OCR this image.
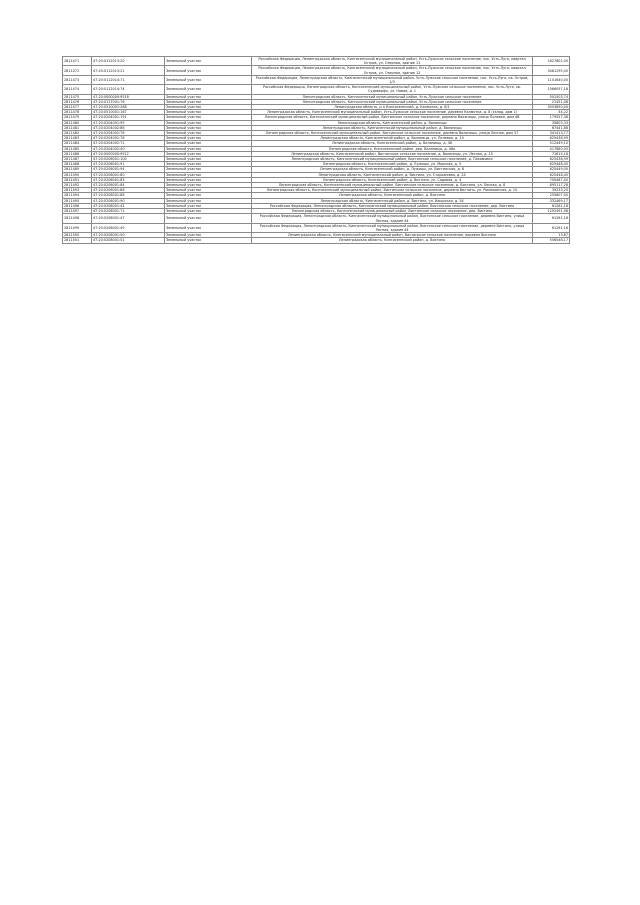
2811471	47:20:0112013:20	Земельный участок	Российская Федерация, Ленинградская область, Кингисеппский муниципальный район, Усть-Лужское сельское поселение, пос. Усть-Луга, квартал Остров, ул. Озерная, здание 11	1827801,00
2811472	47:20:0112013:21	Земельный участок	Российская Федерация, Ленинградская область, Кингисеппский муниципальный район, Усть-Лужское сельское поселение, пос. Усть-Луга, квартал Остров, ул. Озерная, здание 12	3481295,00
2811473	47:20:0112014:71	Земельный участок	Российская Федерация, Ленинградская область, Кингисеппский муниципальный район, Усть-Лужское сельское поселение, пос. Усть-Луга, кв. Остров, 1/3	1101640,00
2811474	47:20:0112014:74	Земельный участок	Российская Федерация, Ленинградская область, Кингисеппский муниципальный район, Усть-Лужское сельское поселение, пос. Усть-Луга, кв. Судоверфь, ул. Новая, д. 1	1066057,18
2811475	47:20:0000000:9518	Земельный участок	Ленинградская область, Кингисеппский муниципальный район, Усть-Лужское сельское поселение	501503,74
2811476	47:20:0117001:76	Земельный участок	Ленинградская область, Кингисеппский муниципальный район, Усть-Лужское сельское поселение	21451,08
2811477	47:20:0510001:268	Земельный участок	Ленинградская область, р-н Кингисеппский, д. Калмотка, д. 8/1	3053890,00
2811478	47:20:0510001:167	Земельный участок	Ленинградская область, Кингисеппский муниципальный район, Усть-Лужское сельское поселение, деревня Калмотка, д. 8 (склад, дом 1)	44,22
2811479	47:20:0204001:191	Земельный участок	Ленинградская область, Кингисеппский муниципальный район, Вистинское сельское поселение, деревня Валяницы, улица Полевая, дом 48	179557,38
2811480	47:20:0204001:95	Земельный участок	Ленинградская область, Кингисеппский район, д. Валяницы	35803,33
2811481	47:20:0204002:86	Земельный участок	Ленинградская область, Кингисеппский муниципальный район, д. Валяницы	67441,88
2811482	47:20:0204002:76	Земельный участок	Ленинградская область, Кингисеппский муниципальный район, Вистинское сельское поселение, деревня Валяницы, улица Лесная, дом 37	341413,77
2811483	47:20:0204001:76	Земельный участок	Ленинградская область, Кингисеппский район, д. Валяницы, ул. Полевая, д. 14	625438,99
2811484	47:20:0204002:71	Земельный участок	Ленинградская область, Кингисеппский район, д. Валяницы, д. 46	512449,10
2811485	47:20:0204002:40	Земельный участок	Ленинградская область, Кингисеппский район, дер. Валяницы, д. 48а	417880,05
2811486	47:20:0000000:9512	Земельный участок	Ленинградская область, Кингисеппский район, Вистинское сельское поселение, д. Валяницы, ул. Лесная, д. 15	71815,18
2811487	47:20:0206001:100	Земельный участок	Ленинградская область, Кингисеппский муниципальный район, Вистинское сельское поселение, д. Пахомовка	625438,99
2811488	47:20:0206001:91	Земельный участок	Ленинградская область, Кингисеппский район, д. Лужицы, ул. Морская, д. 5	625448,00
2811489	47:20:0206001:94	Земельный участок	Ленинградская область, Кингисеппский район, д. Лужицы, ул. Вистинская, д. 8	625449,00
2811490	47:20:0206001:80	Земельный участок	Ленинградская область, Кингисеппский район, д. Вистино, ул. Сторожевая, д. 24	625448,40
2811491	47:20:0206001:83	Земельный участок	Ленинградская область, Кингисеппский район, д. Вистино, ул. Садовая, д. 4	759487,40
2811492	47:20:0206001:84	Земельный участок	Ленинградская область, Кингисеппский муниципальный район, Вистинское сельское поселение, д. Вистино, ул. Лесная, д. 8	895117,28
2811493	47:20:0206001:86	Земельный участок	Ленинградская область, Кингисеппский муниципальный район, Вистинское сельское поселение, деревня Вистино, ул. Романовская, д. 10	39233,20
2811494	47:20:0206001:88	Земельный участок	Ленинградская область, Кингисеппский район, д. Вистино	255607,00
2811495	47:20:0206001:90	Земельный участок	Ленинградская область, Кингисеппский район, д. Вистино, ул. Ижорская, д. 54	332469,17
2811496	47:20:0208001:41	Земельный участок	Российская Федерация, Ленинградская область, Кингисеппский муниципальный район, Вистинское сельское поселение, дер. Вистино	61261,18
2811497	47:20:0208001:71	Земельный участок	Ленинградская область, Кингисеппский муниципальный район, Вистинское сельское поселение, дер. Вистино	1292491,98
2811498	47:20:0208001:47	Земельный участок	Российская Федерация, Ленинградская область, Кингисеппский муниципальный район, Вистинское сельское поселение, деревня Вистино, улица Лесная, здание 44	61261,18
2811499	47:20:0208001:49	Земельный участок	Российская Федерация, Ленинградская область, Кингисеппский муниципальный район, Вистинское сельское поселение, деревня Вистино, улица Лесная, здание 44	61261,18
2811500	47:20:0208001:50	Земельный участок	Ленинградская область, Кингисеппский муниципальный район, Вистинское сельское поселение, деревня Вистино	13,87
2811501	47:20:0208001:51	Земельный участок	Ленинградская область, Кингисеппский район, д. Вистино	556548,17
